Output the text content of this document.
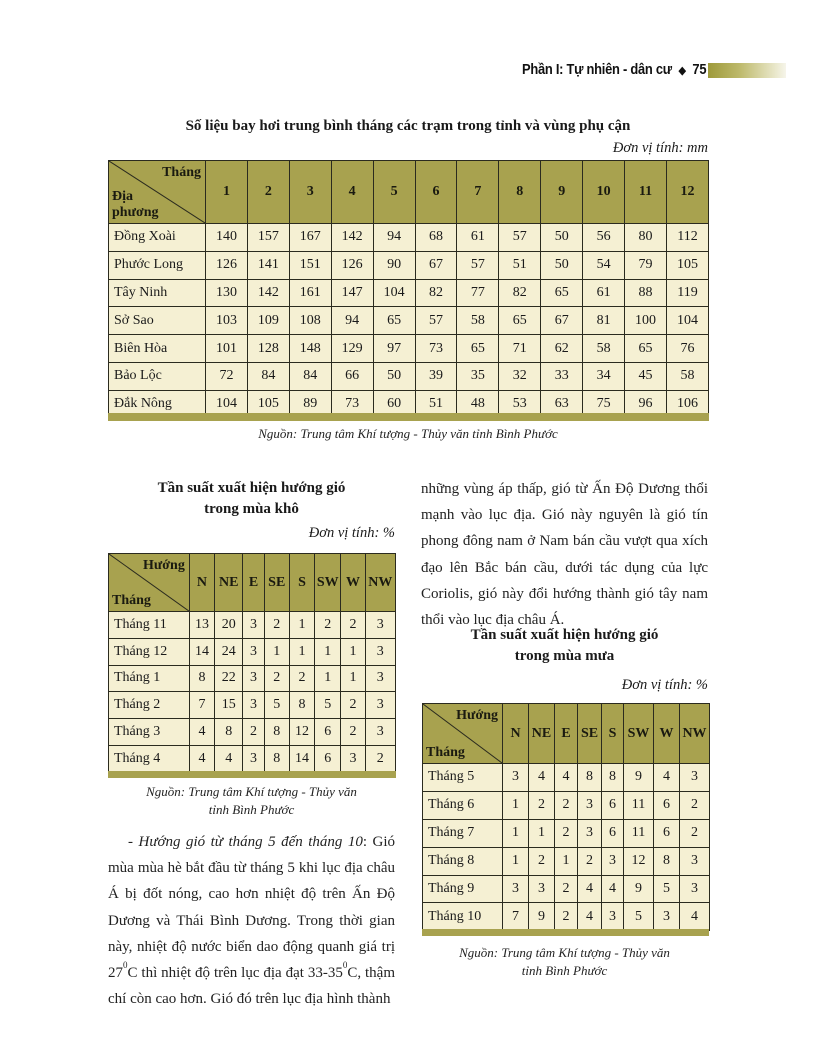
Phần I: Tự nhiên - dân cư ◆ 75
Số liệu bay hơi trung bình tháng các trạm trong tỉnh và vùng phụ cận
Đơn vị tính: mm
Tháng
Địa phương	1	2	3	4	5	6	7	8	9	10	11	12
Đồng Xoài	140	157	167	142	94	68	61	57	50	56	80	112
Phước Long	126	141	151	126	90	67	57	51	50	54	79	105
Tây Ninh	130	142	161	147	104	82	77	82	65	61	88	119
Sở Sao	103	109	108	94	65	57	58	65	67	81	100	104
Biên Hòa	101	128	148	129	97	73	65	71	62	58	65	76
Bảo Lộc	72	84	84	66	50	39	35	32	33	34	45	58
Đắk Nông	104	105	89	73	60	51	48	53	63	75	96	106
Nguồn: Trung tâm Khí tượng - Thủy văn tỉnh Bình Phước
Tần suất xuất hiện hướng gió
trong mùa khô
Đơn vị tính: %
Hướng
Tháng	N	NE	E	SE	S	SW	W	NW
Tháng 11	13	20	3	2	1	2	2	3
Tháng 12	14	24	3	1	1	1	1	3
Tháng 1	8	22	3	2	2	1	1	3
Tháng 2	7	15	3	5	8	5	2	3
Tháng 3	4	8	2	8	12	6	2	3
Tháng 4	4	4	3	8	14	6	3	2
Nguồn: Trung tâm Khí tượng - Thủy văn
tỉnh Bình Phước
- Hướng gió từ tháng 5 đến tháng 10: Gió mùa mùa hè bắt đầu từ tháng 5 khi lục địa châu Á bị đốt nóng, cao hơn nhiệt độ trên Ấn Độ Dương và Thái Bình Dương. Trong thời gian này, nhiệt độ nước biển dao động quanh giá trị $27^0C$ thì nhiệt độ trên lục địa đạt $33-35^0C$, thậm chí còn cao hơn. Gió đó trên lục địa hình thành
những vùng áp thấp, gió từ Ấn Độ Dương thổi mạnh vào lục địa. Gió này nguyên là gió tín phong đông nam ở Nam bán cầu vượt qua xích đạo lên Bắc bán cầu, dưới tác dụng của lực Coriolis, gió này đổi hướng thành gió tây nam thổi vào lục địa châu Á.
Tần suất xuất hiện hướng gió
trong mùa mưa
Đơn vị tính: %
Hướng
Tháng	N	NE	E	SE	S	SW	W	NW
Tháng 5	3	4	4	8	8	9	4	3
Tháng 6	1	2	2	3	6	11	6	2
Tháng 7	1	1	2	3	6	11	6	2
Tháng 8	1	2	1	2	3	12	8	3
Tháng 9	3	3	2	4	4	9	5	3
Tháng 10	7	9	2	4	3	5	3	4
Nguồn: Trung tâm Khí tượng - Thủy văn
tỉnh Bình Phước
